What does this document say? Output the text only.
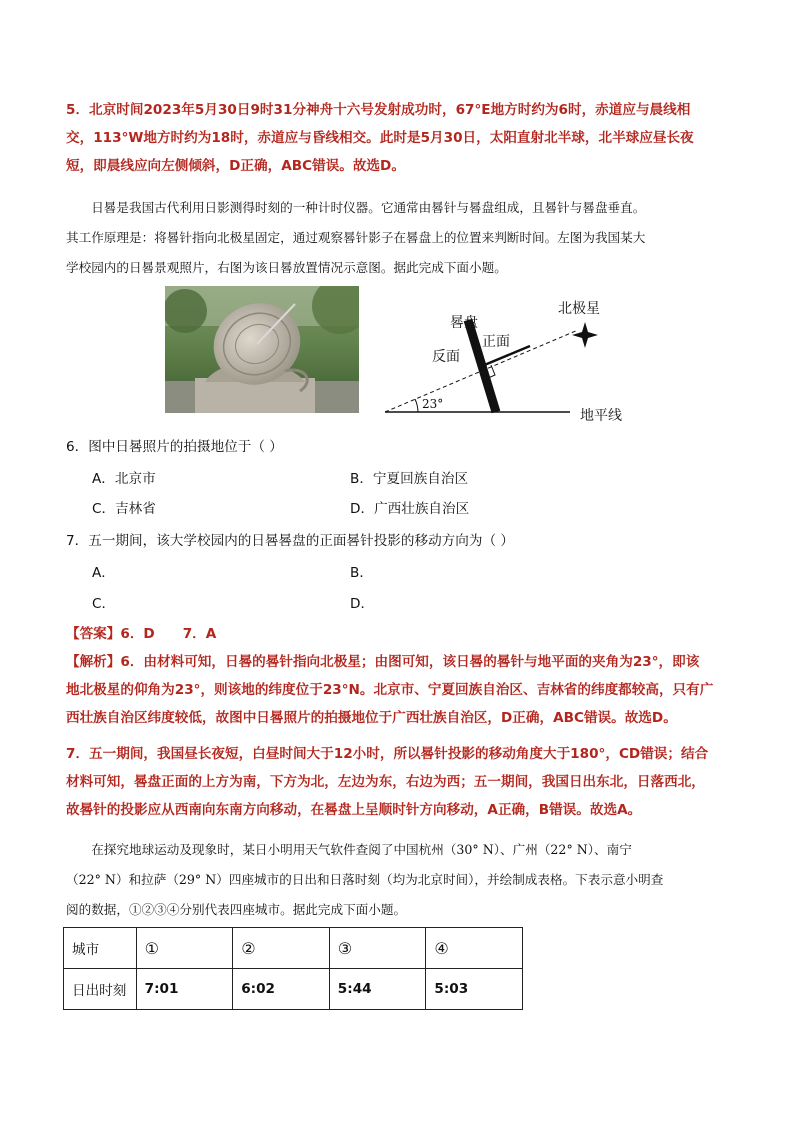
5．北京时间2023年5月30日9时31分神舟十六号发射成功时，67°E地方时约为6时，赤道应与晨线相

交，113°W地方时约为18时，赤道应与昏线相交。此时是5月30日，太阳直射北半球，北半球应昼长夜

短，即晨线应向左侧倾斜，D正确，ABC错误。故选D。

日晷是我国古代利用日影测得时刻的一种计时仪器。它通常由晷针与晷盘组成，且晷针与晷盘垂直。

其工作原理是：将晷针指向北极星固定，通过观察晷针影子在晷盘上的位置来判断时间。左图为我国某大

学校园内的日晷景观照片，右图为该日晷放置情况示意图。据此完成下面小题。

晷盘
正面
反面
北极星
地平线
23°

6．图中日晷照片的拍摄地位于（ ）

A．北京市	B．宁夏回族自治区

C．吉林省	D．广西壮族自治区

7．五一期间，该大学校园内的日晷晷盘的正面晷针投影的移动方向为（ ）

A．	B．

C．	D．

【答案】6．D 7．A

【解析】6．由材料可知，日晷的晷针指向北极星；由图可知，该日晷的晷针与地平面的夹角为23°，即该

地北极星的仰角为23°，则该地的纬度位于23°N。北京市、宁夏回族自治区、吉林省的纬度都较高，只有广

西壮族自治区纬度较低，故图中日晷照片的拍摄地位于广西壮族自治区，D正确，ABC错误。故选D。

7．五一期间，我国昼长夜短，白昼时间大于12小时，所以晷针投影的移动角度大于180°，CD错误；结合

材料可知，晷盘正面的上方为南，下方为北，左边为东，右边为西；五一期间，我国日出东北，日落西北，

故晷针的投影应从西南向东南方向移动，在晷盘上呈顺时针方向移动，A正确，B错误。故选A。

在探究地球运动及现象时，某日小明用天气软件查阅了中国杭州（30° N）、广州（22° N）、南宁

（22° N）和拉萨（29° N）四座城市的日出和日落时刻（均为北京时间），并绘制成表格。下表示意小明查

阅的数据，①②③④分别代表四座城市。据此完成下面小题。

城市	①	②	③	④
日出时刻	7:01	6:02	5:44	5:03
